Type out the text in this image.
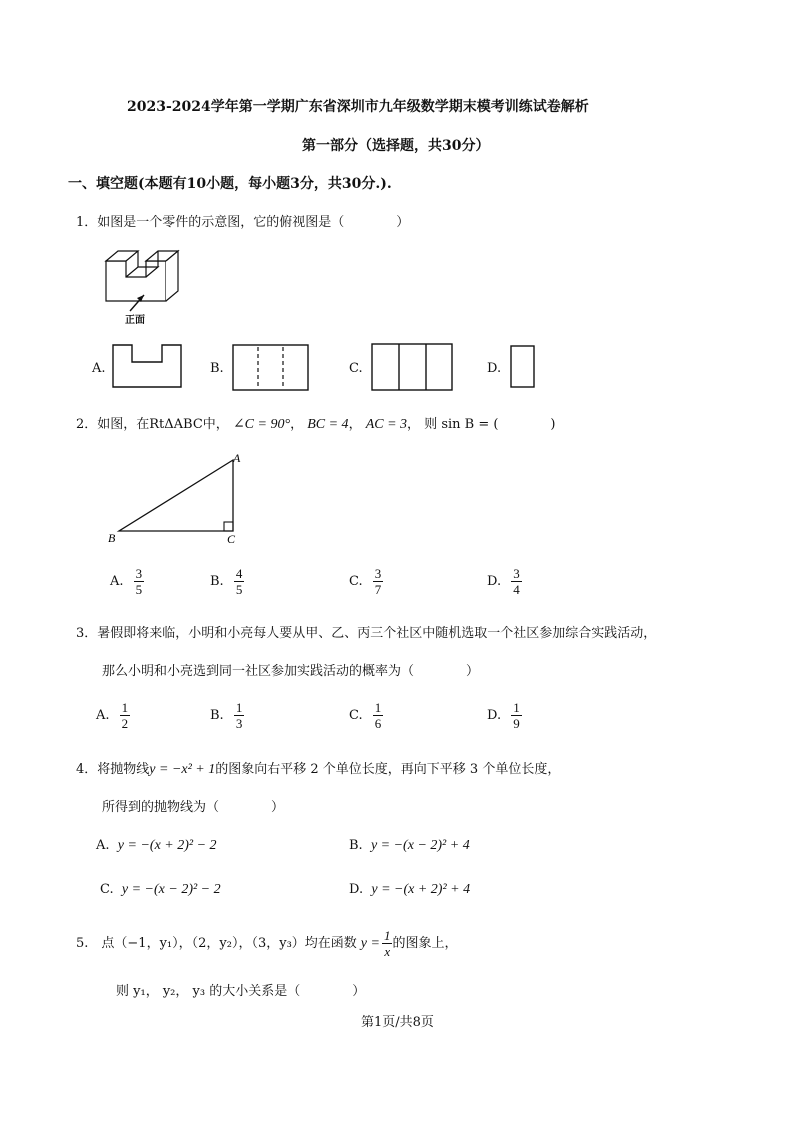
2023-2024学年第一学期广东省深圳市九年级数学期末模考训练试卷解析
第一部分（选择题，共30分）
一、填空题(本题有10小题，每小题3分，共30分.).
1．如图是一个零件的示意图，它的俯视图是（　　　　）
正面
A.	B.	C.	D.
2．如图，在RtΔABC中， ∠C = 90°， BC = 4， AC = 3， 则 sin B = (　　　　)
A
B	C
A. $\frac{3}{5}$	B. $\frac{4}{5}$	C. $\frac{3}{7}$	D. $\frac{3}{4}$
3．暑假即将来临，小明和小亮每人要从甲、乙、丙三个社区中随机选取一个社区参加综合实践活动，
那么小明和小亮选到同一社区参加实践活动的概率为（　　　　）
A. $\frac{1}{2}$	B. $\frac{1}{3}$	C. $\frac{1}{6}$	D. $\frac{1}{9}$
4．将抛物线y = −x² + 1的图象向右平移 2 个单位长度，再向下平移 3 个单位长度，
所得到的抛物线为（　　　　）
A. y = −(x + 2)² − 2	B. y = −(x − 2)² + 4
C. y = −(x − 2)² − 2	D. y = −(x + 2)² + 4
5.　点（−1，y₁），（2，y₂），（3，y₃）均在函数 $y = \frac{1}{x}$ 的图象上，
则 y₁， y₂， y₃ 的大小关系是（　　　　）
第1页/共8页
